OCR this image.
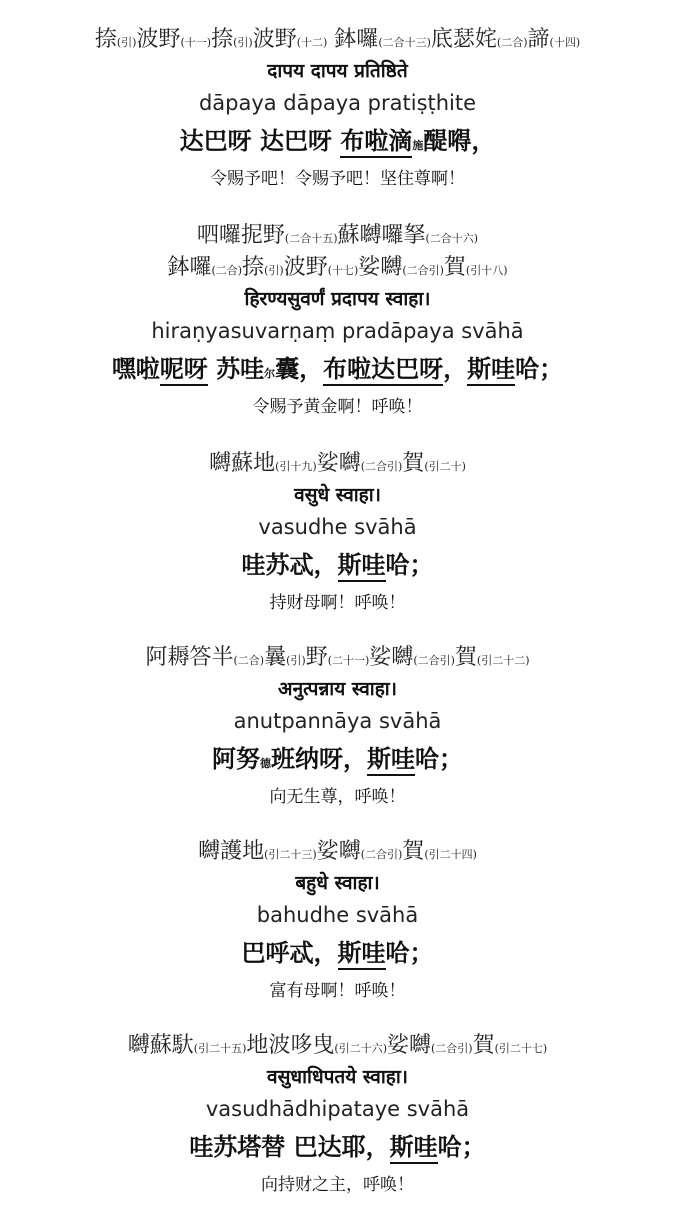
捺(引)波野(十一)捺(引)波野(十二) 鉢囉(二合十三)底瑟姹(二合)諦(十四)
दापय दापय प्रतिष्ठिते
dāpaya dāpaya pratiṣṭhite
达巴呀 达巴呀 布啦滴施醍嘚，
令赐予吧！令赐予吧！坚住尊啊！
呬囉抳野(二合十五)蘇嚩囉拏(二合十六)
鉢囉(二合)捺(引)波野(十七)娑嚩(二合引)賀(引十八)
हिरण्यसुवर्णं प्रदापय स्वाहा।
hiraṇyasuvarṇaṃ pradāpaya svāhā
嘿啦呢呀 苏哇尔囊，布啦达巴呀，斯哇哈；
令赐予黄金啊！呼唤！
嚩蘇地(引十九)娑嚩(二合引)賀(引二十)
वसुधे स्वाहा।
vasudhe svāhā
哇苏忒，斯哇哈；
持财母啊！呼唤！
阿耨答半(二合)曩(引)野(二十一)娑嚩(二合引)賀(引二十二)
अनुत्पन्नाय स्वाहा।
anutpannāya svāhā
阿努德班纳呀，斯哇哈；
向无生尊，呼唤！
嚩護地(引二十三)娑嚩(二合引)賀(引二十四)
बहुधे स्वाहा।
bahudhe svāhā
巴呼忒，斯哇哈；
富有母啊！呼唤！
嚩蘇馱(引二十五)地波哆曳(引二十六)娑嚩(二合引)賀(引二十七)
वसुधाधिपतये स्वाहा।
vasudhādhipataye svāhā
哇苏塔替 巴达耶，斯哇哈；
向持财之主，呼唤！
